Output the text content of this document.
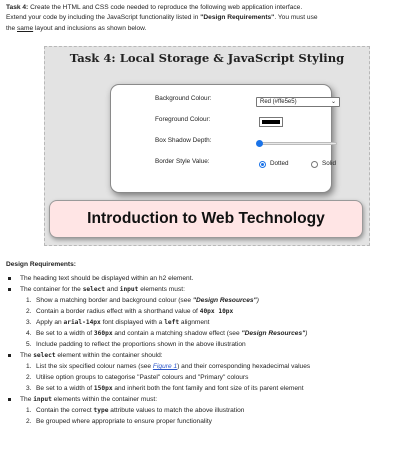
Task 4: Create the HTML and CSS code needed to reproduce the following web application interface.
Extend your code by including the JavaScript functionality listed in "Design Requirements". You must use
the same layout and inclusions as shown below.
Task 4: Local Storage & JavaScript Styling
Background Colour:	Red (#ffe5e5)	⌄
Foreground Colour:
Box Shadow Depth:
Border Style Value:	Dotted	Solid
Introduction to Web Technology
Design Requirements:
The heading text should be displayed within an h2 element.
The container for the select and input elements must:
1. Show a matching border and background colour (see "Design Resources")
2. Contain a border radius effect with a shorthand value of 40px 10px
3. Apply an arial-14px font displayed with a left alignment
4. Be set to a width of 360px and contain a matching shadow effect (see "Design Resources")
5. Include padding to reflect the proportions shown in the above illustration
The select element within the container should:
1. List the six specified colour names (see Figure 1) and their corresponding hexadecimal values
2. Utilise option groups to categorise "Pastel" colours and "Primary" colours
3. Be set to a width of 150px and inherit both the font family and font size of its parent element
The input elements within the container must:
1. Contain the correct type attribute values to match the above illustration
2. Be grouped where appropriate to ensure proper functionality
